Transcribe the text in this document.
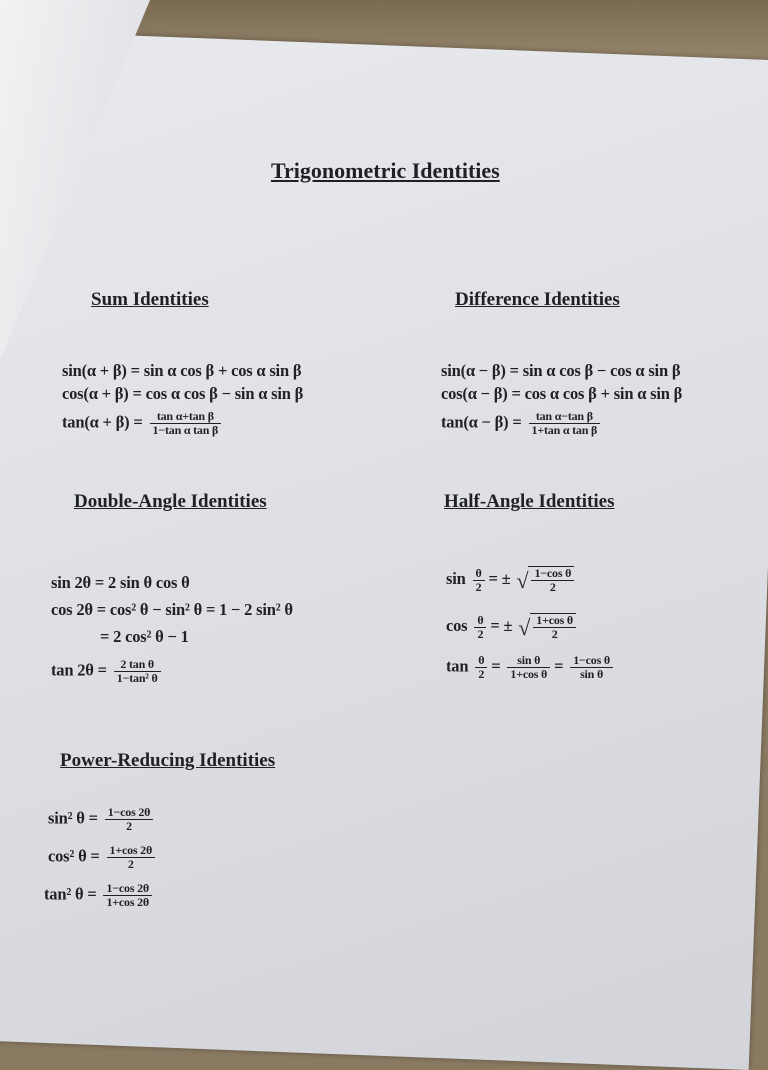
Trigonometric Identities
Sum Identities
sin(α + β) = sin α cos β + cos α sin β
cos(α + β) = cos α cos β − sin α sin β
$\tan(\alpha + \beta) = \frac{\text{tan α+tan β}}{\text{1−tan α tan β}}$
Difference Identities
sin(α − β) = sin α cos β − cos α sin β
cos(α − β) = cos α cos β + sin α sin β
$\tan(\alpha - \beta) = \frac{\text{tan α−tan β}}{\text{1+tan α tan β}}$
Double-Angle Identities
sin 2θ = 2 sin θ cos θ
cos 2θ = cos² θ − sin² θ = 1 − 2 sin² θ
= 2 cos² θ − 1
$\tan 2\theta = \frac{\text{2 tan θ}}{\text{1−tan² θ}}$
Half-Angle Identities
$\sin \frac{\theta}{2}$ = ± √ $\frac{\text{1−cos θ}}{2}$
$\cos \frac{\theta}{2}$ = ± √ $\frac{\text{1+cos θ}}{2}$
$\tan \frac{\theta}{2} = \frac{\text{sin θ}}{\text{1+cos θ}} = \frac{\text{1−cos θ}}{\text{sin θ}}$
Power-Reducing Identities
sin² $\theta = \frac{1-\cos 2\theta}{2}$
cos² $\theta = \frac{1+\cos 2\theta}{2}$
tan² $\theta = \frac{1-\cos 2\theta}{1+\cos 2\theta}$
